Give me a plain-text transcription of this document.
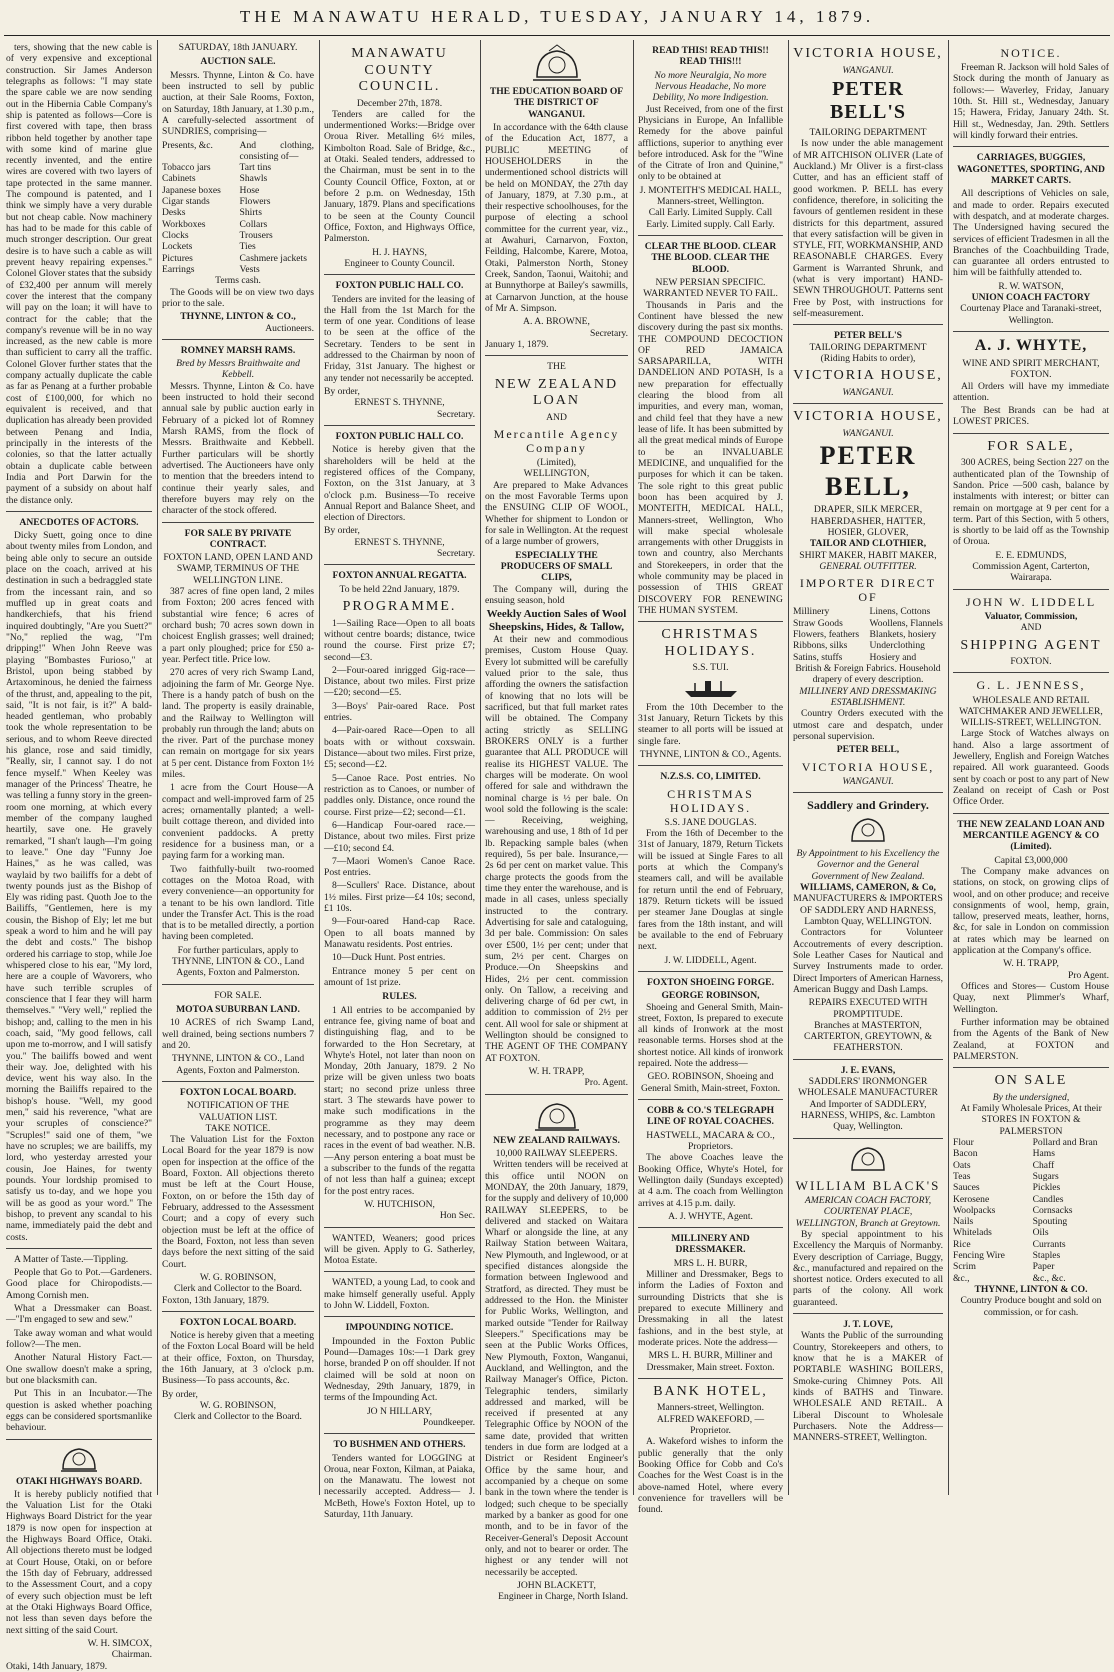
THE MANAWATU HERALD, TUESDAY, JANUARY 14, 1879.

ters, showing that the new cable is of very expensive and exceptional construction. Sir James Anderson telegraphs as follows: "I may state the spare cable we are now sending out in the Hibernia Cable Company's ship is patented as follows—Core is first covered with tape, then brass ribbon held together by another tape with some kind of marine glue recently invented, and the entire wires are covered with two layers of tape protected in the same manner. The compound is patented, and I think we simply have a very durable but not cheap cable. Now machinery has had to be made for this cable of much stronger description. Our great desire is to have such a cable as will prevent heavy repairing expenses." Colonel Glover states that the subsidy of £32,400 per annum will merely cover the interest that the company will pay on the loan; it will have to contract for the cable; that the company's revenue will be in no way increased, as the new cable is more than sufficient to carry all the traffic. Colonel Glover further states that the company actually duplicate the cable as far as Penang at a further probable cost of £100,000, for which no equivalent is received, and that duplication has already been provided between Penang and India, principally in the interests of the colonies, so that the latter actually obtain a duplicate cable between India and Port Darwin for the payment of a subsidy on about half the distance only.

ANECDOTES OF ACTORS.

Dicky Suett, going once to dine about twenty miles from London, and being able only to secure an outside place on the coach, arrived at his destination in such a bedraggled state from the incessant rain, and so muffled up in great coats and handkerchiefs, that his friend inquired doubtingly, "Are you Suett?" "No," replied the wag, "I'm dripping!" When John Reeve was playing "Bombastes Furioso," at Bristol, upon being stabbed by Artaxominous, he denied the fairness of the thrust, and, appealing to the pit, said, "It is not fair, is it?" A bald-headed gentleman, who probably took the whole representation to be serious, and to whom Reeve directed his glance, rose and said timidly, "Really, sir, I cannot say. I do not fence myself." When Keeley was manager of the Princess' Theatre, he was telling a funny story in the green-room one morning, at which every member of the company laughed heartily, save one. He gravely remarked, "I shan't laugh—I'm going to leave." One day "Funny Joe Haines," as he was called, was waylaid by two bailiffs for a debt of twenty pounds just as the Bishop of Ely was riding past. Quoth Joe to the Bailiffs, "Gentlemen, here is my cousin, the Bishop of Ely; let me but speak a word to him and he will pay the debt and costs." The bishop ordered his carriage to stop, while Joe whispered close to his ear, "My lord, here are a couple of Wavorers, who have such terrible scruples of conscience that I fear they will harm themselves." "Very well," replied the bishop; and, calling to the men in his coach, said, "My good fellows, call upon me to-morrow, and I will satisfy you." The bailiffs bowed and went their way. Joe, delighted with his device, went his way also. In the morning the Bailiffs repaired to the bishop's house. "Well, my good men," said his reverence, "what are your scruples of conscience?" "Scruples!" said one of them, "we have no scruples; we are bailiffs, my lord, who yesterday arrested your cousin, Joe Haines, for twenty pounds. Your lordship promised to satisfy us to-day, and we hope you will be as good as your word." The bishop, to prevent any scandal to his name, immediately paid the debt and costs.

A Matter of Taste.—Tippling.

People that Go to Pot.—Gardeners. Good place for Chiropodists.—Among Cornish men.

What a Dressmaker can Boast.—"I'm engaged to sew and sew."

Take away woman and what would follow?—The men.

Another Natural History Fact.—One swallow doesn't make a spring, but one blacksmith can.

Put This in an Incubator.—The question is asked whether poaching eggs can be considered sportsmanlike behaviour.

OTAKI HIGHWAYS BOARD.

It is hereby publicly notified that the Valuation List for the Otaki Highways Board District for the year 1879 is now open for inspection at the Highways Board Office, Otaki. All objections thereto must be lodged at Court House, Otaki, on or before the 15th day of February, addressed to the Assessment Court, and a copy of every such objection must be left at the Otaki Highways Board Office, not less than seven days before the next sitting of the said Court.

W. H. SIMCOX,
Chairman.
Otaki, 14th January, 1879.
SATURDAY, 18th JANUARY.
AUCTION SALE.

Messrs. Thynne, Linton & Co. have been instructed to sell by public auction, at their Sale Rooms, Foxton, on Saturday, 18th January, at 1.30 p.m., A carefully-selected assortment of SUNDRIES, comprising—

Presents, &c.	And clothing, consisting of—
Tobacco jars	Tart tins
Cabinets	Shawls
Japanese boxes	Hose
Cigar stands	Flowers
Desks	Shirts
Workboxes	Collars
Clocks	Trousers
Lockets	Ties
Pictures	Cashmere jackets
Earrings	Vests
Terms cash.

The Goods will be on view two days prior to the sale.

THYNNE, LINTON & CO.,
Auctioneers.
ROMNEY MARSH RAMS.
Bred by Messrs Braithwaite and Kebbell.

Messrs. Thynne, Linton & Co. have been instructed to hold their second annual sale by public auction early in February of a picked lot of Romney Marsh RAMS, from the flock of Messrs. Braithwaite and Kebbell. Further particulars will be shortly advertised. The Auctioneers have only to mention that the breeders intend to continue their yearly sales, and therefore buyers may rely on the character of the stock offered.

FOR SALE BY PRIVATE CONTRACT.
FOXTON LAND, OPEN LAND AND SWAMP, TERMINUS OF THE WELLINGTON LINE.

387 acres of fine open land, 2 miles from Foxton; 200 acres fenced with substantial wire fence; 6 acres of orchard bush; 70 acres sown down in choicest English grasses; well drained; a part only ploughed; price for £50 a-year. Perfect title. Price low.

270 acres of very rich Swamp Land, adjoining the farm of Mr. George Nye. There is a handy patch of bush on the land. The property is easily drainable, and the Railway to Wellington will probably run through the land; abuts on the river. Part of the purchase money can remain on mortgage for six years at 5 per cent. Distance from Foxton 1½ miles.

1 acre from the Court House—A compact and well-improved farm of 25 acres; ornamentally planted; a well-built cottage thereon, and divided into convenient paddocks. A pretty residence for a business man, or a paying farm for a working man.

Two faithfully-built two-roomed cottages on the Motoa Road, with every convenience—an opportunity for a tenant to be his own landlord. Title under the Transfer Act. This is the road that is to be metalled directly, a portion having been completed.

For further particulars, apply to THYNNE, LINTON & CO., Land Agents, Foxton and Palmerston.

FOR SALE.
MOTOA SUBURBAN LAND.

10 ACRES of rich Swamp Land, well drained, being sections numbers 7 and 20.

THYNNE, LINTON & CO., Land Agents, Foxton and Palmerston.
FOXTON LOCAL BOARD.
NOTIFICATION OF THE VALUATION LIST.
TAKE NOTICE.

The Valuation List for the Foxton Local Board for the year 1879 is now open for inspection at the office of the Board, Foxton. All objections thereto must be left at the Court House, Foxton, on or before the 15th day of February, addressed to the Assessment Court; and a copy of every such objection must be left at the office of the Board, Foxton, not less than seven days before the next sitting of the said Court.

W. G. ROBINSON,
Clerk and Collector to the Board.
Foxton, 13th January, 1879.
FOXTON LOCAL BOARD.

Notice is hereby given that a meeting of the Foxton Local Board will be held at their office, Foxton, on Thursday, the 16th January, at 3 o'clock p.m. Business—To pass accounts, &c.

By order,
W. G. ROBINSON,
Clerk and Collector to the Board.
MANAWATU COUNTY COUNCIL.
December 27th, 1878.

Tenders are called for the undermentioned Works:—Bridge over Oroua River. Metalling 6½ miles, Kimbolton Road. Sale of Bridge, &c., at Otaki. Sealed tenders, addressed to the Chairman, must be sent in to the County Council Office, Foxton, at or before 2 p.m. on Wednesday, 15th January, 1879. Plans and specifications to be seen at the County Council Office, Foxton, and Highways Office, Palmerston.

H. J. HAYNS,
Engineer to County Council.
FOXTON PUBLIC HALL CO.

Tenders are invited for the leasing of the Hall from the 1st March for the term of one year. Conditions of lease to be seen at the office of the Secretary. Tenders to be sent in addressed to the Chairman by noon of Friday, 31st January. The highest or any tender not necessarily be accepted.

By order,
ERNEST S. THYNNE,
Secretary.
FOXTON PUBLIC HALL CO.

Notice is hereby given that the shareholders will be held at the registered offices of the Company, Foxton, on the 31st January, at 3 o'clock p.m. Business—To receive Annual Report and Balance Sheet, and election of Directors.

By order,
ERNEST S. THYNNE,
Secretary.
FOXTON ANNUAL REGATTA.
To be held 22nd January, 1879.
PROGRAMME.

1—Sailing Race—Open to all boats without centre boards; distance, twice round the course. First prize £7; second—£3.

2—Four-oared inrigged Gig-race—Distance, about two miles. First prize—£20; second—£5.

3—Boys' Pair-oared Race. Post entries.

4—Pair-oared Race—Open to all boats with or without coxswain. Distance—about two miles. First prize, £5; second—£2.

5—Canoe Race. Post entries. No restriction as to Canoes, or number of paddles only. Distance, once round the course. First prize—£2; second—£1.

6—Handicap Four-oared race.—Distance, about two miles. First prize—£10; second £4.

7—Maori Women's Canoe Race. Post entries.

8—Scullers' Race. Distance, about 1½ miles. First prize—£4 10s; second, £1 10s.

9—Four-oared Hand-cap Race. Open to all boats manned by Manawatu residents. Post entries.

10—Duck Hunt. Post entries.

Entrance money 5 per cent on amount of 1st prize.

RULES.

1 All entries to be accompanied by entrance fee, giving name of boat and distinguishing flag, and to be forwarded to the Hon Secretary, at Whyte's Hotel, not later than noon on Monday, 20th January, 1879. 2 No prize will be given unless two boats start; no second prize unless three start. 3 The stewards have power to make such modifications in the programme as they may deem necessary, and to postpone any race or races in the event of bad weather. N.B.—Any person entering a boat must be a subscriber to the funds of the regatta of not less than half a guinea; except for the post entry races.

W. HUTCHISON,
Hon Sec.

WANTED, Weaners; good prices will be given. Apply to G. Satherley, Motoa Estate.

WANTED, a young Lad, to cook and make himself generally useful. Apply to John W. Liddell, Foxton.

IMPOUNDING NOTICE.

Impounded in the Foxton Public Pound—Damages 10s:—1 Dark grey horse, branded P on off shoulder. If not claimed will be sold at noon on Wednesday, 29th January, 1879, in terms of the Impounding Act.

JO N HILLARY,
Poundkeeper.
TO BUSHMEN AND OTHERS.

Tenders wanted for LOGGING at Oroua, near Foxton, Kilman, at Paiaka, on the Manawatu. The lowest not necessarily accepted. Address— J. McBeth, Howe's Foxton Hotel, up to Saturday, 11th January.

THE EDUCATION BOARD OF THE DISTRICT OF WANGANUI.

In accordance with the 64th clause of the Education Act, 1877, a PUBLIC MEETING of HOUSEHOLDERS in the undermentioned school districts will be held on MONDAY, the 27th day of January, 1879, at 7.30 p.m., at their respective schoolhouses, for the purpose of electing a school committee for the current year, viz., at Awahuri, Carnarvon, Foxton, Feilding, Halcombe, Karere, Motoa, Otaki, Palmerston North, Stoney Creek, Sandon, Taonui, Waitohi; and at Bunnythorpe at Bailey's sawmills, at Carnarvon Junction, at the house of Mr A. Simpson.

A. A. BROWNE,
Secretary.
January 1, 1879.
THE
NEW ZEALAND LOAN
AND
Mercantile Agency Company
(Limited),
WELLINGTON,

Are prepared to Make Advances on the most Favorable Terms upon the ENSUING CLIP OF WOOL, Whether for shipment to London or for sale in Wellington. At the request of a large number of growers,

ESPECIALLY THE PRODUCERS OF SMALL CLIPS,

The Company will, during the ensuing season, hold

Weekly Auction Sales of Wool Sheepskins, Hides, & Tallow,

At their new and commodious premises, Custom House Quay. Every lot submitted will be carefully valued prior to the sale, thus affording the owners the satisfaction of knowing that no lots will be sacrificed, but that full market rates will be obtained. The Company acting strictly as SELLING BROKERS ONLY is a further guarantee that ALL PRODUCE will realise its HIGHEST VALUE. The charges will be moderate. On wool offered for sale and withdrawn the nominal charge is ½ per bale. On wool sold the following is the scale:— Receiving, weighing, warehousing and use, 1 8th of 1d per lb. Repacking sample bales (when required), 5s per bale. Insurance,—2s 6d per cent on market value. This charge protects the goods from the time they enter the warehouse, and is made in all cases, unless specially instructed to the contrary. Advertising for sale and cataloguing, 3d per bale. Commission: On sales over £500, 1½ per cent; under that sum, 2½ per cent. Charges on Produce.—On Sheepskins and Hides, 2½ per cent. commission only. On Tallow, a receiving and delivering charge of 6d per cwt, in addition to commission of 2½ per cent. All wool for sale or shipment at Wellington should be consigned to THE AGENT OF THE COMPANY AT FOXTON.

W. H. TRAPP,
Pro. Agent.
NEW ZEALAND RAILWAYS.
10,000 RAILWAY SLEEPERS.

Written tenders will be received at this office until NOON on MONDAY, the 20th January, 1879, for the supply and delivery of 10,000 RAILWAY SLEEPERS, to be delivered and stacked on Waitara Wharf or alongside the line, at any Railway Station between Waitara, New Plymouth, and Inglewood, or at specified distances alongside the formation between Inglewood and Stratford, as directed. They must be addressed to the Hon. the Minister for Public Works, Wellington, and marked outside "Tender for Railway Sleepers." Specifications may be seen at the Public Works Offices, New Plymouth, Foxton, Wanganui, Auckland, and Wellington, and the Railway Manager's Office, Picton. Telegraphic tenders, similarly addressed and marked, will be received if presented at any Telegraphic Office by NOON of the same date, provided that written tenders in due form are lodged at a District or Resident Engineer's Office by the same hour, and accompanied by a cheque on some bank in the town where the tender is lodged; such cheque to be specially marked by a banker as good for one month, and to be in favor of the Receiver-General's Deposit Account only, and not to bearer or order. The highest or any tender will not necessarily be accepted.

JOHN BLACKETT,
Engineer in Charge, North Island.
READ THIS! READ THIS!! READ THIS!!!
No more Neuralgia, No more Nervous Headache, No more Debility, No more Indigestion.

Just Received, from one of the first Physicians in Europe, An Infallible Remedy for the above painful afflictions, superior to anything ever before introduced. Ask for the "Wine of the Citrate of Iron and Quinine," only to be obtained at

J. MONTEITH'S MEDICAL HALL, Manners-street, Wellington.
Call Early. Limited Supply. Call Early. Limited supply. Call Early.
CLEAR THE BLOOD. CLEAR THE BLOOD. CLEAR THE BLOOD.
NEW PERSIAN SPECIFIC. WARRANTED NEVER TO FAIL.

Thousands in Paris and the Continent have blessed the new discovery during the past six months. THE COMPOUND DECOCTION OF RED JAMAICA SARSAPARILLA, WITH DANDELION AND POTASH, Is a new preparation for effectually clearing the blood from all impurities, and every man, woman, and child feel that they have a new lease of life. It has been submitted by all the great medical minds of Europe to be an INVALUABLE MEDICINE, and unqualified for the purposes for which it can be taken. The sole right to this great public boon has been acquired by J. MONTEITH, MEDICAL HALL, Manners-street, Wellington, Who will make special wholesale arrangements with other Druggists in town and country, also Merchants and Storekeepers, in order that the whole community may be placed in possession of THIS GREAT DISCOVERY FOR RENEWING THE HUMAN SYSTEM.

CHRISTMAS HOLIDAYS.
S.S. TUI.

From the 10th December to the 31st January, Return Tickets by this steamer to all ports will be issued at single fare.

THYNNE, LINTON & CO., Agents.
N.Z.S.S. CO, LIMITED.
CHRISTMAS HOLIDAYS.
S.S. JANE DOUGLAS.

From the 16th of December to the 31st of January, 1879, Return Tickets will be issued at Single Fares to all ports at which the Company's steamers call, and will be available for return until the end of February, 1879. Return tickets will be issued per steamer Jane Douglas at single fares from the 18th instant, and will be available to the end of February next.

J. W. LIDDELL, Agent.
FOXTON SHOEING FORGE.
GEORGE ROBINSON,

Shoeing and General Smith, Main-street, Foxton, Is prepared to execute all kinds of Ironwork at the most reasonable terms. Horses shod at the shortest notice. All kinds of ironwork repaired. Note the address—

GEO. ROBINSON, Shoeing and General Smith, Main-street, Foxton.
COBB & CO.'S TELEGRAPH LINE OF ROYAL COACHES.
HASTWELL, MACARA & CO., Proprietors.

The above Coaches leave the Booking Office, Whyte's Hotel, for Wellington daily (Sundays excepted) at 4 a.m. The coach from Wellington arrives at 4.15 p.m. daily.

A. J. WHYTE, Agent.
MILLINERY AND DRESSMAKER.
MRS L. H. BURR,

Milliner and Dressmaker, Begs to inform the Ladies of Foxton and surrounding Districts that she is prepared to execute Millinery and Dressmaking in all the latest fashions, and in the best style, at moderate prices. Note the address—

MRS L. H. BURR, Milliner and Dressmaker, Main street. Foxton.
BANK HOTEL,
Manners-street, Wellington.
ALFRED WAKEFORD, — Proprietor.

A. Wakeford wishes to inform the public generally that the only Booking Office for Cobb and Co's Coaches for the West Coast is in the above-named Hotel, where every convenience for travellers will be found.

VICTORIA HOUSE,
WANGANUI.
PETER BELL'S
TAILORING DEPARTMENT

Is now under the able management of MR AITCHISON OLIVER (Late of Auckland.) Mr Oliver is a first-class Cutter, and has an efficient staff of good workmen. P. BELL has every confidence, therefore, in soliciting the favours of gentlemen resident in these districts for this department, assured that every satisfaction will be given in STYLE, FIT, WORKMANSHIP, AND REASONABLE CHARGES. Every Garment is Warranted Shrunk, and (what is very important) HAND-SEWN THROUGHOUT. Patterns sent Free by Post, with instructions for self-measurement.

PETER BELL'S
TAILORING DEPARTMENT
(Riding Habits to order),
VICTORIA HOUSE,
WANGANUI.
VICTORIA HOUSE,
WANGANUI.
PETER BELL,
DRAPER, SILK MERCER, HABERDASHER, HATTER, HOSIER, GLOVER,
TAILOR AND CLOTHIER,
SHIRT MAKER, HABIT MAKER,
GENERAL OUTFITTER.
IMPORTER DIRECT OF
Millinery	Linens, Cottons
Straw Goods	Woollens, Flannels
Flowers, feathers	Blankets, hosiery
Ribbons, silks	Underclothing
Satins, stuffs	Hosiery and
British & Foreign Fabrics. Household drapery of every description.
MILLINERY AND DRESSMAKING ESTABLISHMENT.

Country Orders executed with the utmost care and despatch, under personal supervision.

PETER BELL,
VICTORIA HOUSE,
WANGANUI.
Saddlery and Grindery.
By Appointment to his Excellency the Governor and the General Government of New Zealand.
WILLIAMS, CAMERON, & Co,
MANUFACTURERS & IMPORTERS OF SADDLERY AND HARNESS,
Lambton Quay, WELLINGTON.

Contractors for Volunteer Accoutrements of every description. Sole Leather Cases for Nautical and Survey Instruments made to order. Direct Importers of American Harness, American Buggy and Dash Lamps.

REPAIRS EXECUTED WITH PROMPTITUDE.
Branches at MASTERTON, CARTERTON, GREYTOWN, & FEATHERSTON.
J. E. EVANS,
SADDLERS' IRONMONGER WHOLESALE MANUFACTURER
And Importer of SADDLERY, HARNESS, WHIPS, &c. Lambton Quay, Wellington.
WILLIAM BLACK'S
AMERICAN COACH FACTORY, COURTENAY PLACE, WELLINGTON, Branch at Greytown.

By special appointment to his Excellency the Marquis of Normanby. Every description of Carriage, Buggy, &c., manufactured and repaired on the shortest notice. Orders executed to all parts of the colony. All work guaranteed.

J. T. LOVE,

Wants the Public of the surrounding Country, Storekeepers and others, to know that he is a MAKER of PORTABLE WASHING BOILERS, Smoke-curing Chimney Pots. All kinds of BATHS and Tinware. WHOLESALE AND RETAIL. A Liberal Discount to Wholesale Purchasers. Note the Address— MANNERS-STREET, Wellington.

NOTICE.

Freeman R. Jackson will hold Sales of Stock during the month of January as follows:— Waverley, Friday, January 10th. St. Hill st., Wednesday, January 15; Hawera, Friday, January 24th. St. Hill st., Wednesday, Jan. 29th. Settlers will kindly forward their entries.

CARRIAGES, BUGGIES, WAGONETTES, SPORTING, AND MARKET CARTS.

All descriptions of Vehicles on sale, and made to order. Repairs executed with despatch, and at moderate charges. The Undersigned having secured the services of efficient Tradesmen in all the Branches of the Coachbuilding Trade, can guarantee all orders entrusted to him will be faithfully attended to.

R. W. WATSON,
UNION COACH FACTORY
Courtenay Place and Taranaki-street, Wellington.
A. J. WHYTE,
WINE AND SPIRIT MERCHANT,
FOXTON.

All Orders will have my immediate attention.

The Best Brands can be had at LOWEST PRICES.

FOR SALE,

300 ACRES, being Section 227 on the authenticated plan of the Township of Sandon. Price —500 cash, balance by instalments with interest; or bitter can remain on mortgage at 9 per cent for a term. Part of this Section, with 5 others, is shortly to be laid off as the Township of Oroua.

E. E. EDMUNDS,
Commission Agent, Carterton, Wairarapa.
JOHN W. LIDDELL
Valuator, Commission,
AND
SHIPPING AGENT
FOXTON.
G. L. JENNESS,
WHOLESALE AND RETAIL WATCHMAKER AND JEWELLER, WILLIS-STREET, WELLINGTON.

Large Stock of Watches always on hand. Also a large assortment of Jewellery, English and Foreign Watches repaired. All work guaranteed. Goods sent by coach or post to any part of New Zealand on receipt of Cash or Post Office Order.

THE NEW ZEALAND LOAN AND MERCANTILE AGENCY & CO (Limited).
Capital £3,000,000

The Company make advances on stations, on stock, on growing clips of wool, and on other produce; and receive consignments of wool, hemp, grain, tallow, preserved meats, leather, horns, &c, for sale in London on commission at rates which may be learned on application at the Company's office.

W. H. TRAPP,
Pro Agent.

Offices and Stores— Custom House Quay, next Plimmer's Wharf, Wellington.

Further information may be obtained from the Agents of the Bank of New Zealand, at FOXTON and PALMERSTON.

ON SALE
By the undersigned,
At Family Wholesale Prices, At their
STORES IN FOXTON & PALMERSTON
Flour	Pollard and Bran
Bacon	Hams
Oats	Chaff
Teas	Sugars
Sauces	Pickles
Kerosene	Candles
Woolpacks	Cornsacks
Nails	Spouting
Whitelads	Oils
Rice	Currants
Fencing Wire	Staples
Scrim	Paper
&c.,	&c., &c.
THYNNE, LINTON & CO.
Country Produce bought and sold on commission, or for cash.
